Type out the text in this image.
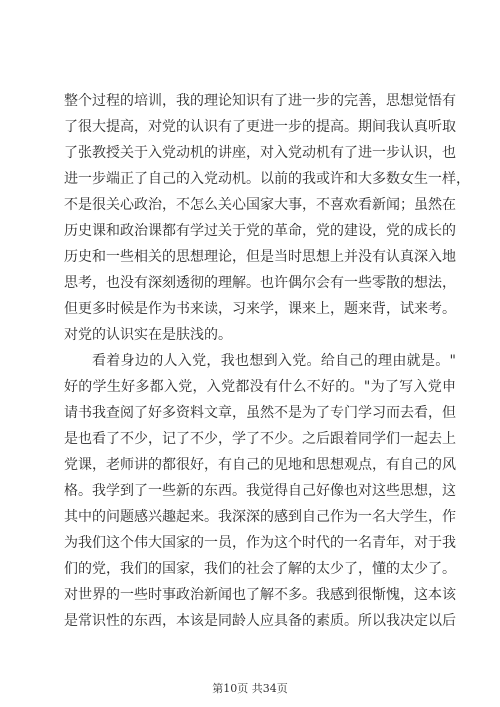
整个过程的培训，我的理论知识有了进一步的完善，思想觉悟有
了很大提高，对党的认识有了更进一步的提高。期间我认真听取
了张教授关于入党动机的讲座，对入党动机有了进一步认识，也
进一步端正了自己的入党动机。以前的我或许和大多数女生一样，
不是很关心政治，不怎么关心国家大事，不喜欢看新闻；虽然在
历史课和政治课都有学过关于党的革命，党的建设，党的成长的
历史和一些相关的思想理论，但是当时思想上并没有认真深入地
思考，也没有深刻透彻的理解。也许偶尔会有一些零散的想法，
但更多时候是作为书来读，习来学，课来上，题来背，试来考。
对党的认识实在是肤浅的。
看着身边的人入党，我也想到入党。给自己的理由就是。"
好的学生好多都入党，入党都没有什么不好的。"为了写入党申
请书我查阅了好多资料文章，虽然不是为了专门学习而去看，但
是也看了不少，记了不少，学了不少。之后跟着同学们一起去上
党课，老师讲的都很好，有自己的见地和思想观点，有自己的风
格。我学到了一些新的东西。我觉得自己好像也对这些思想，这
其中的问题感兴趣起来。我深深的感到自己作为一名大学生，作
为我们这个伟大国家的一员，作为这个时代的一名青年，对于我
们的党，我们的国家，我们的社会了解的太少了，懂的太少了。
对世界的一些时事政治新闻也了解不多。我感到很惭愧，这本该
是常识性的东西，本该是同龄人应具备的素质。所以我决定以后
第10页 共34页
